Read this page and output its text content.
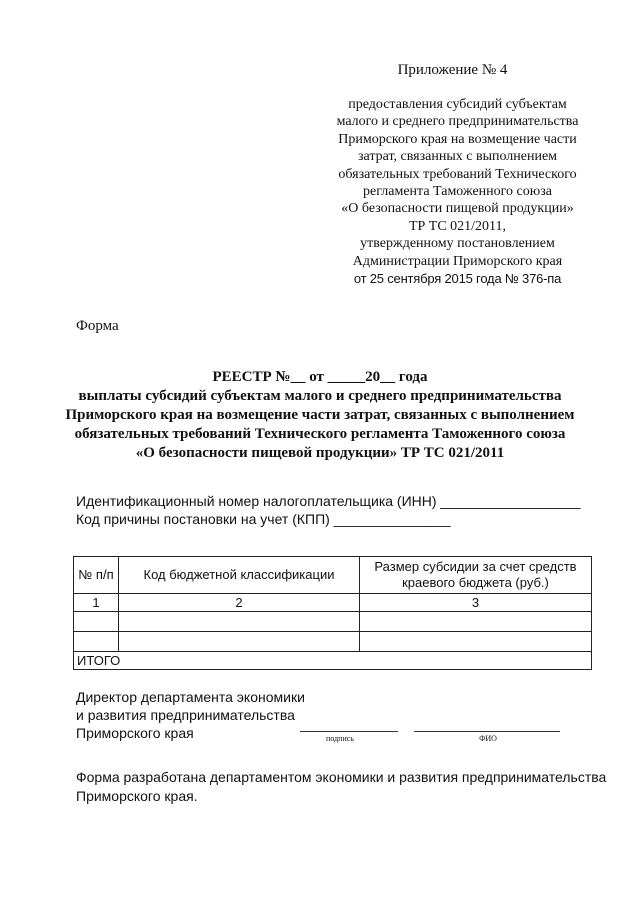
Приложение № 4
предоставления субсидий субъектам
малого и среднего предпринимательства
Приморского края на возмещение части
затрат, связанных с выполнением
обязательных требований Технического
регламента Таможенного союза
«О безопасности пищевой продукции»
ТР ТС 021/2011,
утвержденному постановлением
Администрации Приморского края
от 25 сентября 2015 года № 376-па
Форма
РЕЕСТР №__ от _____20__ года
выплаты субсидий субъектам малого и среднего предпринимательства
Приморского края на возмещение части затрат, связанных с выполнением
обязательных требований Технического регламента Таможенного союза
«О безопасности пищевой продукции» ТР ТС 021/2011
Идентификационный номер налогоплательщика (ИНН) __________________
Код причины постановки на учет (КПП) _______________
№ п/п	Код бюджетной классификации	Размер субсидии за счет средств краевого бюджета (руб.)
1	2	3

ИТОГО		
Директор департамента экономики
и развития предпринимательства
Приморского края	подпись	ФИО
Форма разработана департаментом экономики и развития предпринимательства
Приморского края.
